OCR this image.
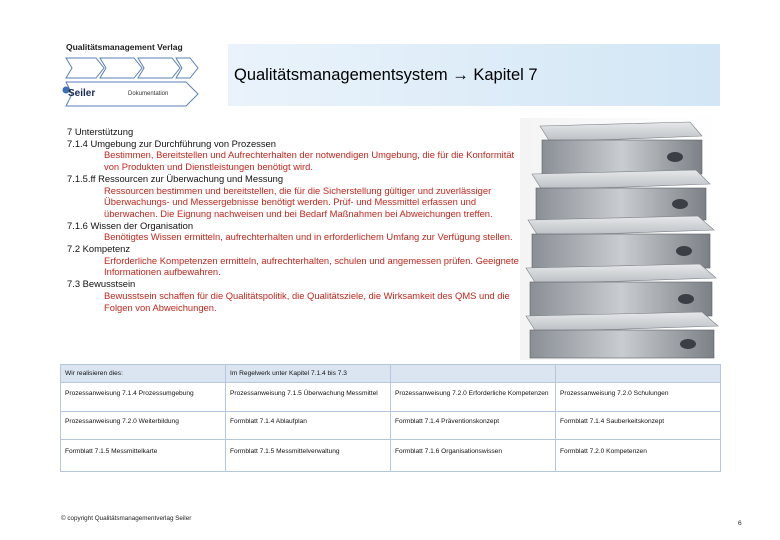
Qualitätsmanagement Verlag
Seiler	Dokumentation
Qualitätsmanagementsystem → Kapitel 7
7 Unterstützung
7.1.4 Umgebung zur Durchführung von Prozessen
Bestimmen, Bereitstellen und Aufrechterhalten der notwendigen Umgebung, die für die Konformität von Produkten und Dienstleistungen benötigt wird.
7.1.5.ff Ressourcen zur Überwachung und Messung
Ressourcen bestimmen und bereitstellen, die für die Sicherstellung gültiger und zuverlässiger Überwachungs- und Messergebnisse benötigt werden. Prüf- und Messmittel erfassen und überwachen. Die Eignung nachweisen und bei Bedarf Maßnahmen bei Abweichungen treffen.
7.1.6 Wissen der Organisation
Benötigtes Wissen ermitteln, aufrechterhalten und in erforderlichem Umfang zur Verfügung stellen.
7.2 Kompetenz
Erforderliche Kompetenzen ermitteln, aufrechterhalten, schulen und angemessen prüfen. Geeignete Informationen aufbewahren.
7.3 Bewusstsein
Bewusstsein schaffen für die Qualitätspolitik, die Qualitätsziele, die Wirksamkeit des QMS und die Folgen von Abweichungen.
Wir realisieren dies:	Im Regelwerk unter Kapitel 7.1.4 bis 7.3		
Prozessanweisung 7.1.4 Prozessumgebung	Prozessanweisung 7.1.5 Überwachung Messmittel	Prozessanweisung 7.2.0 Erforderliche Kompetenzen	Prozessanweisung 7.2.0 Schulungen
Prozessanweisung 7.2.0 Weiterbildung	Formblatt 7.1.4 Ablaufplan	Formblatt 7.1.4 Präventionskonzept	Formblatt 7.1.4 Sauberkeitskonzept
Formblatt 7.1.5 Messmittelkarte	Formblatt 7.1.5 Messmittelverwaltung	Formblatt 7.1.6 Organisationswissen	Formblatt 7.2.0 Kompetenzen
© copyright Qualitätsmanagementverlag Seiler
6
